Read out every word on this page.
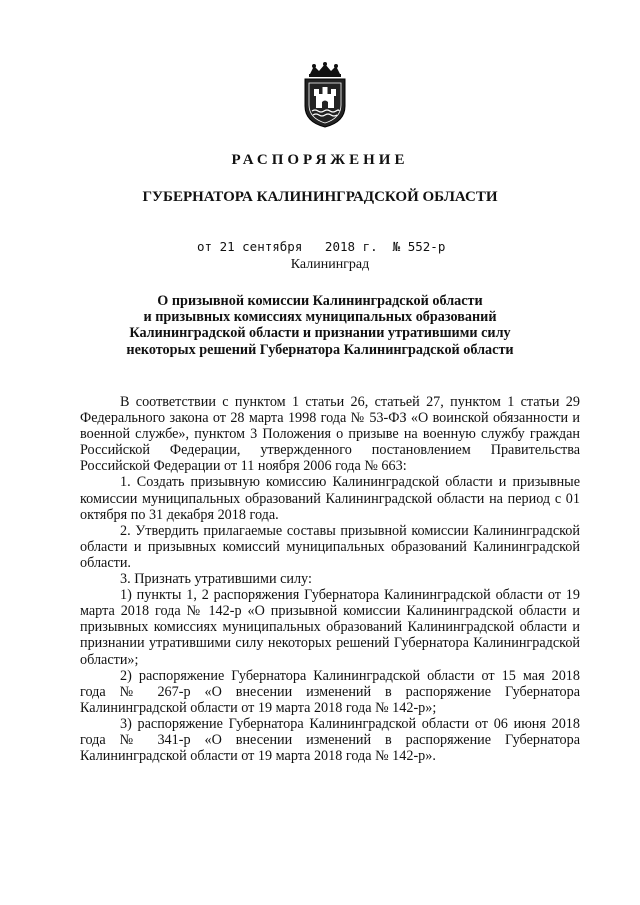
РАСПОРЯЖЕНИЕ
ГУБЕРНАТОРА КАЛИНИНГРАДСКОЙ ОБЛАСТИ
от 21 сентября   2018 г.  № 552-р
Калининград
О призывной комиссии Калининградской области
и призывных комиссиях муниципальных образований
Калининградской области и признании утратившими силу
некоторых решений Губернатора Калининградской области

В соответствии с пунктом 1 статьи 26, статьей 27, пунктом 1 статьи 29 Федерального закона от 28 марта 1998 года № 53-ФЗ «О воинской обязанности и военной службе», пунктом 3 Положения о призыве на военную службу граждан Российской Федерации, утвержденного постановлением Правительства Российской Федерации от 11 ноября 2006 года № 663:

1. Создать призывную комиссию Калининградской области и призывные комиссии муниципальных образований Калининградской области на период с 01 октября по 31 декабря 2018 года.

2. Утвердить прилагаемые составы призывной комиссии Калининградской области и призывных комиссий муниципальных образований Калининградской области.

3. Признать утратившими силу:

1) пункты 1, 2 распоряжения Губернатора Калининградской области от 19 марта 2018 года № 142-р «О призывной комиссии Калининградской области и призывных комиссиях муниципальных образований Калининградской области и признании утратившими силу некоторых решений Губернатора Калининградской области»;

2) распоряжение Губернатора Калининградской области от 15 мая 2018 года № 267-р «О внесении изменений в распоряжение Губернатора Калининградской области от 19 марта 2018 года № 142-р»;

3) распоряжение Губернатора Калининградской области от 06 июня 2018 года № 341-р «О внесении изменений в распоряжение Губернатора Калининградской области от 19 марта 2018 года № 142-р».
